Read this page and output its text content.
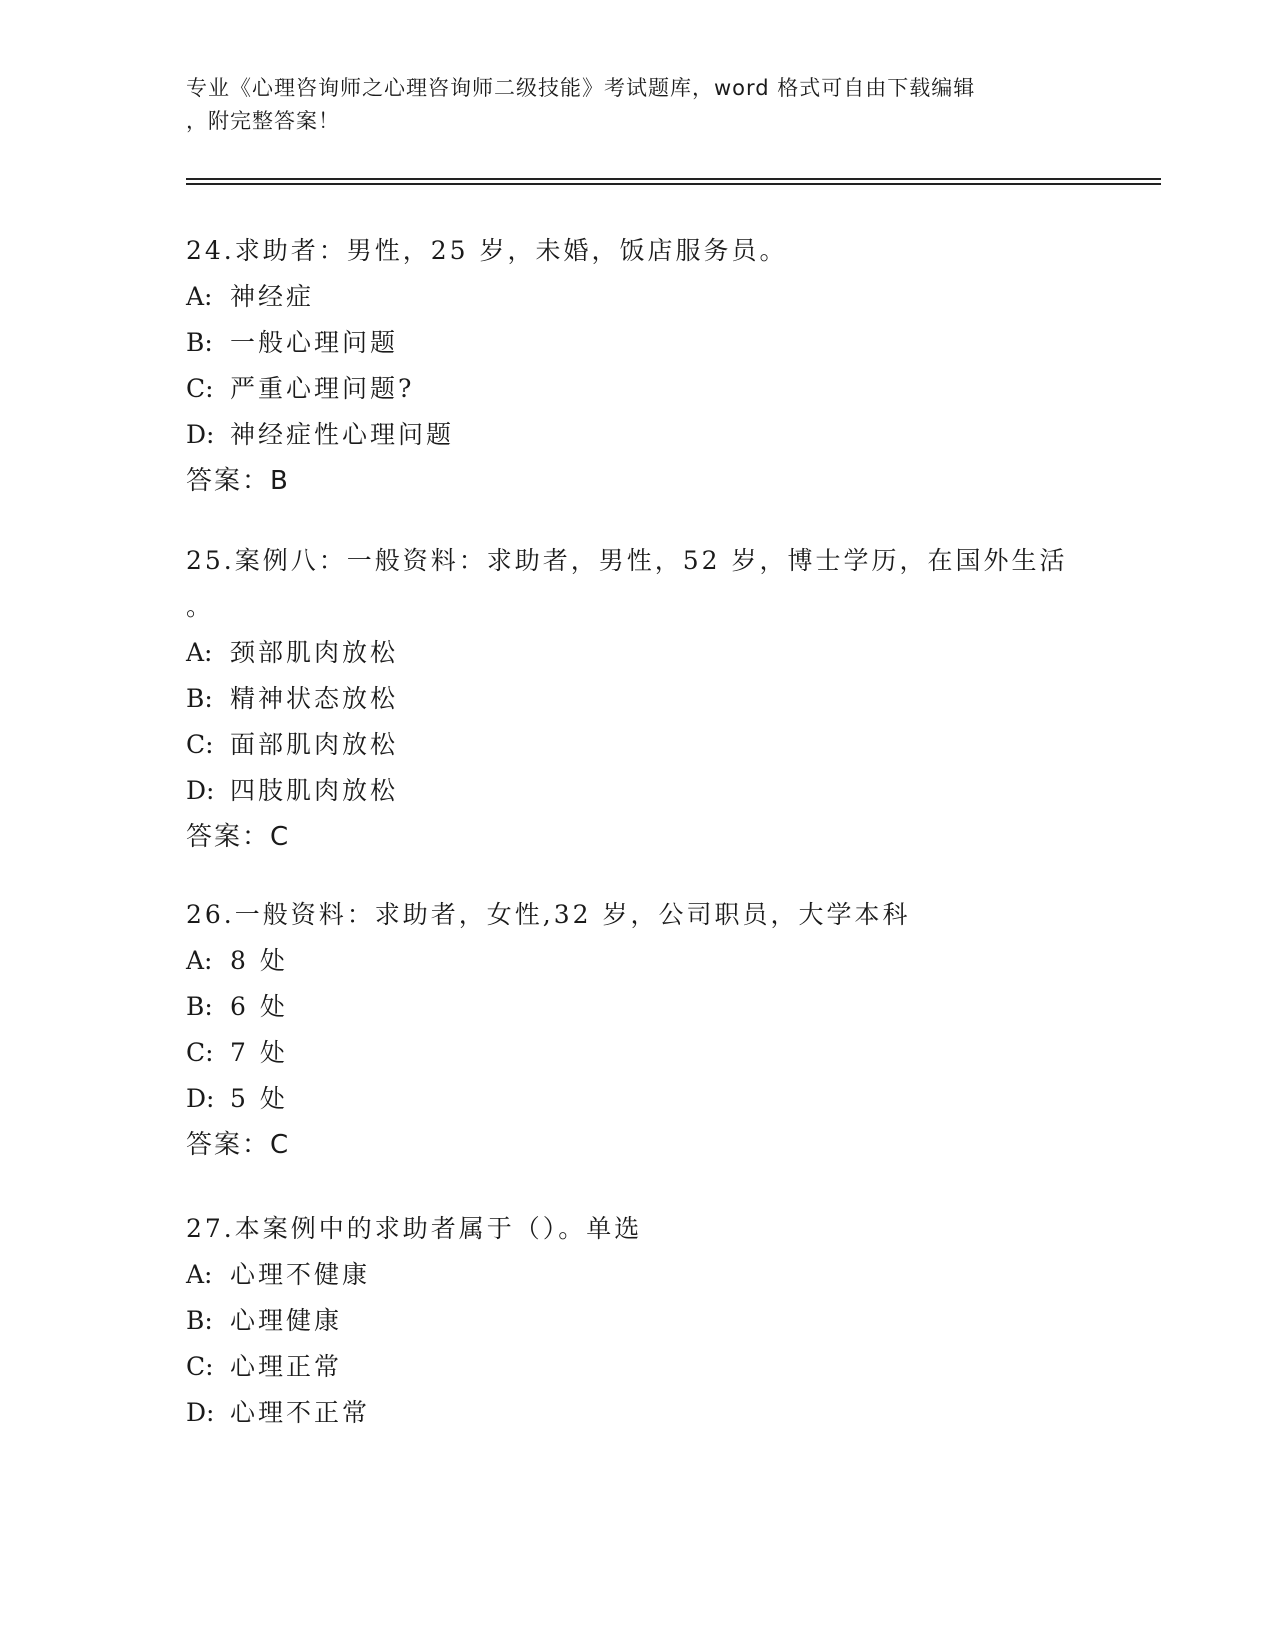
专业《心理咨询师之心理咨询师二级技能》考试题库，word 格式可自由下载编辑
，附完整答案！
24.求助者：男性，25 岁，未婚，饭店服务员。
A: 神经症
B: 一般心理问题
C: 严重心理问题?
D: 神经症性心理问题
答案：B
25.案例八：一般资料：求助者，男性，52 岁，博士学历，在国外生活
。
A: 颈部肌肉放松
B: 精神状态放松
C: 面部肌肉放松
D: 四肢肌肉放松
答案：C
26.一般资料：求助者，女性,32 岁，公司职员，大学本科
A: 8 处
B: 6 处
C: 7 处
D: 5 处
答案：C
27.本案例中的求助者属于（）。单选
A: 心理不健康
B: 心理健康
C: 心理正常
D: 心理不正常
